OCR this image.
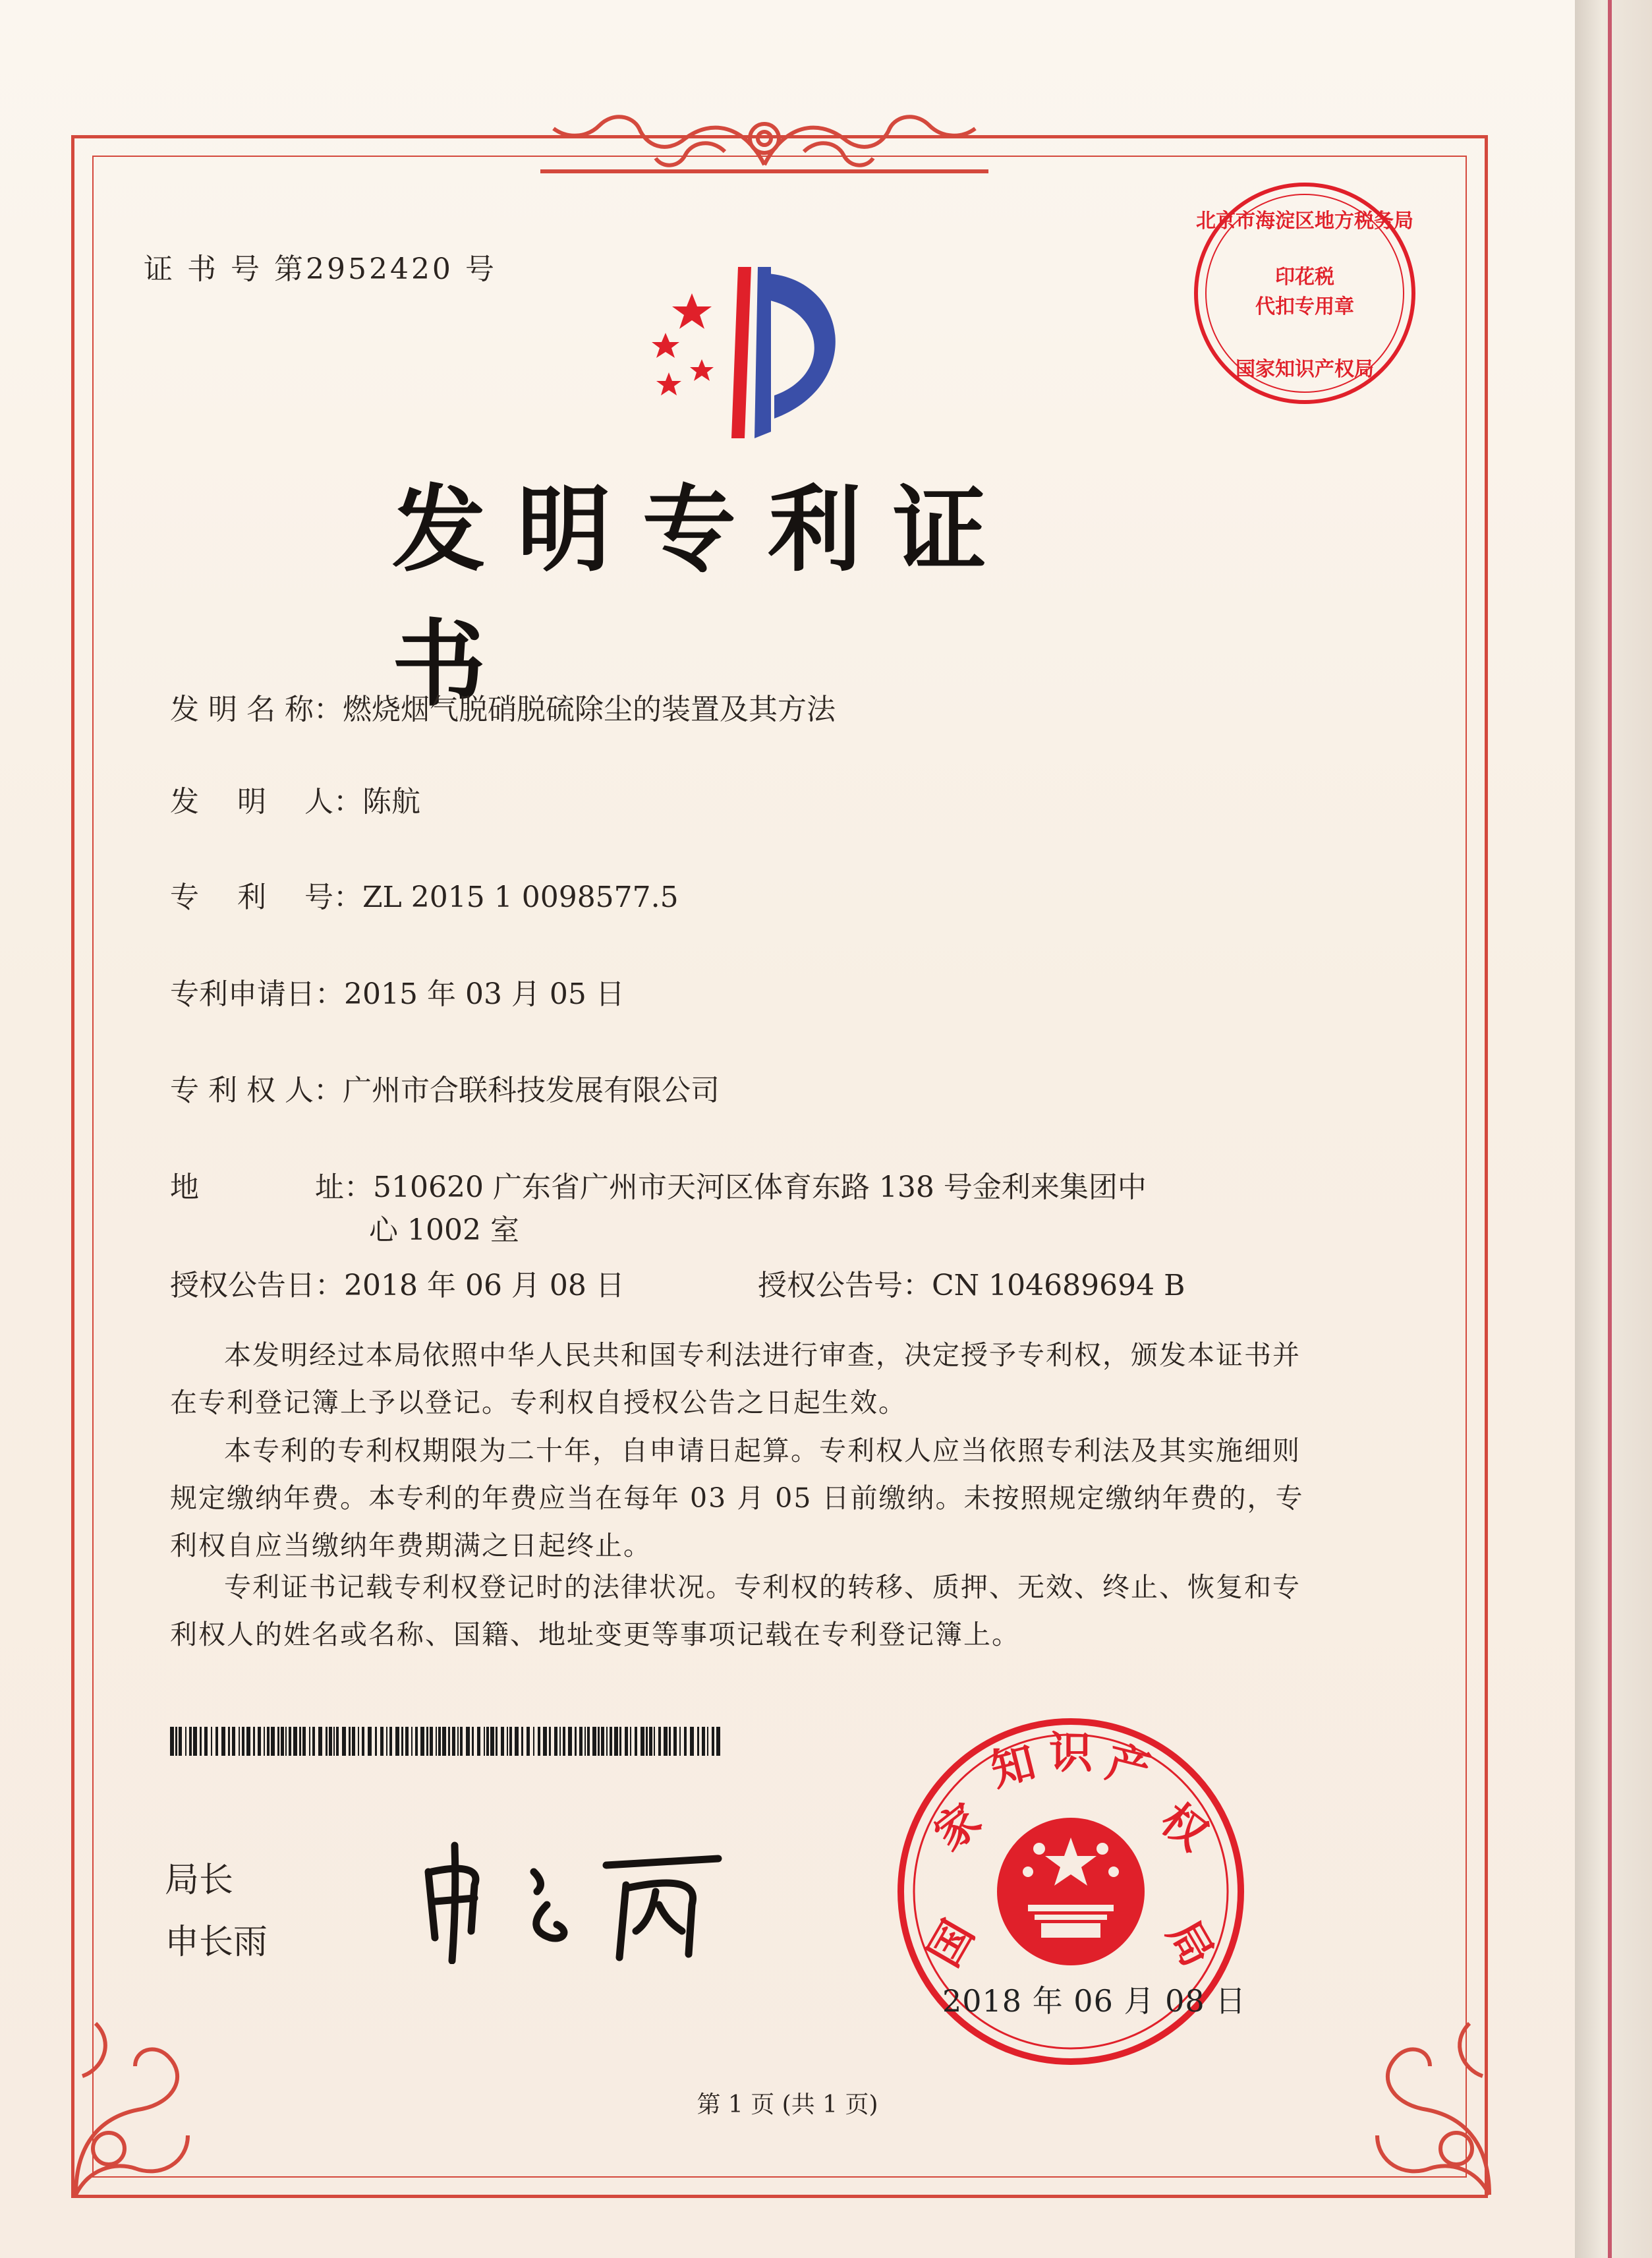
证 书 号 第2952420 号
北京市海淀区地方税务局
印花税
代扣专用章
国家知识产权局
发明专利证书
发 明 名 称：燃烧烟气脱硝脱硫除尘的装置及其方法
发　 明　 人：陈航
专　 利　 号：ZL 2015 1 0098577.5
专利申请日：2015 年 03 月 05 日
专 利 权 人：广州市合联科技发展有限公司
地　　　　址：510620 广东省广州市天河区体育东路 138 号金利来集团中
心 1002 室
授权公告日：2018 年 06 月 08 日	授权公告号：CN 104689694 B
本发明经过本局依照中华人民共和国专利法进行审查，决定授予专利权，颁发本证书并在专利登记簿上予以登记。专利权自授权公告之日起生效。
本专利的专利权期限为二十年，自申请日起算。专利权人应当依照专利法及其实施细则规定缴纳年费。本专利的年费应当在每年 03 月 05 日前缴纳。未按照规定缴纳年费的，专利权自应当缴纳年费期满之日起终止。
专利证书记载专利权登记时的法律状况。专利权的转移、质押、无效、终止、恢复和专利权人的姓名或名称、国籍、地址变更等事项记载在专利登记簿上。
局长
申长雨	国
家
知 识 产
权
局
2018 年 06 月 08 日
第 1 页 (共 1 页)
